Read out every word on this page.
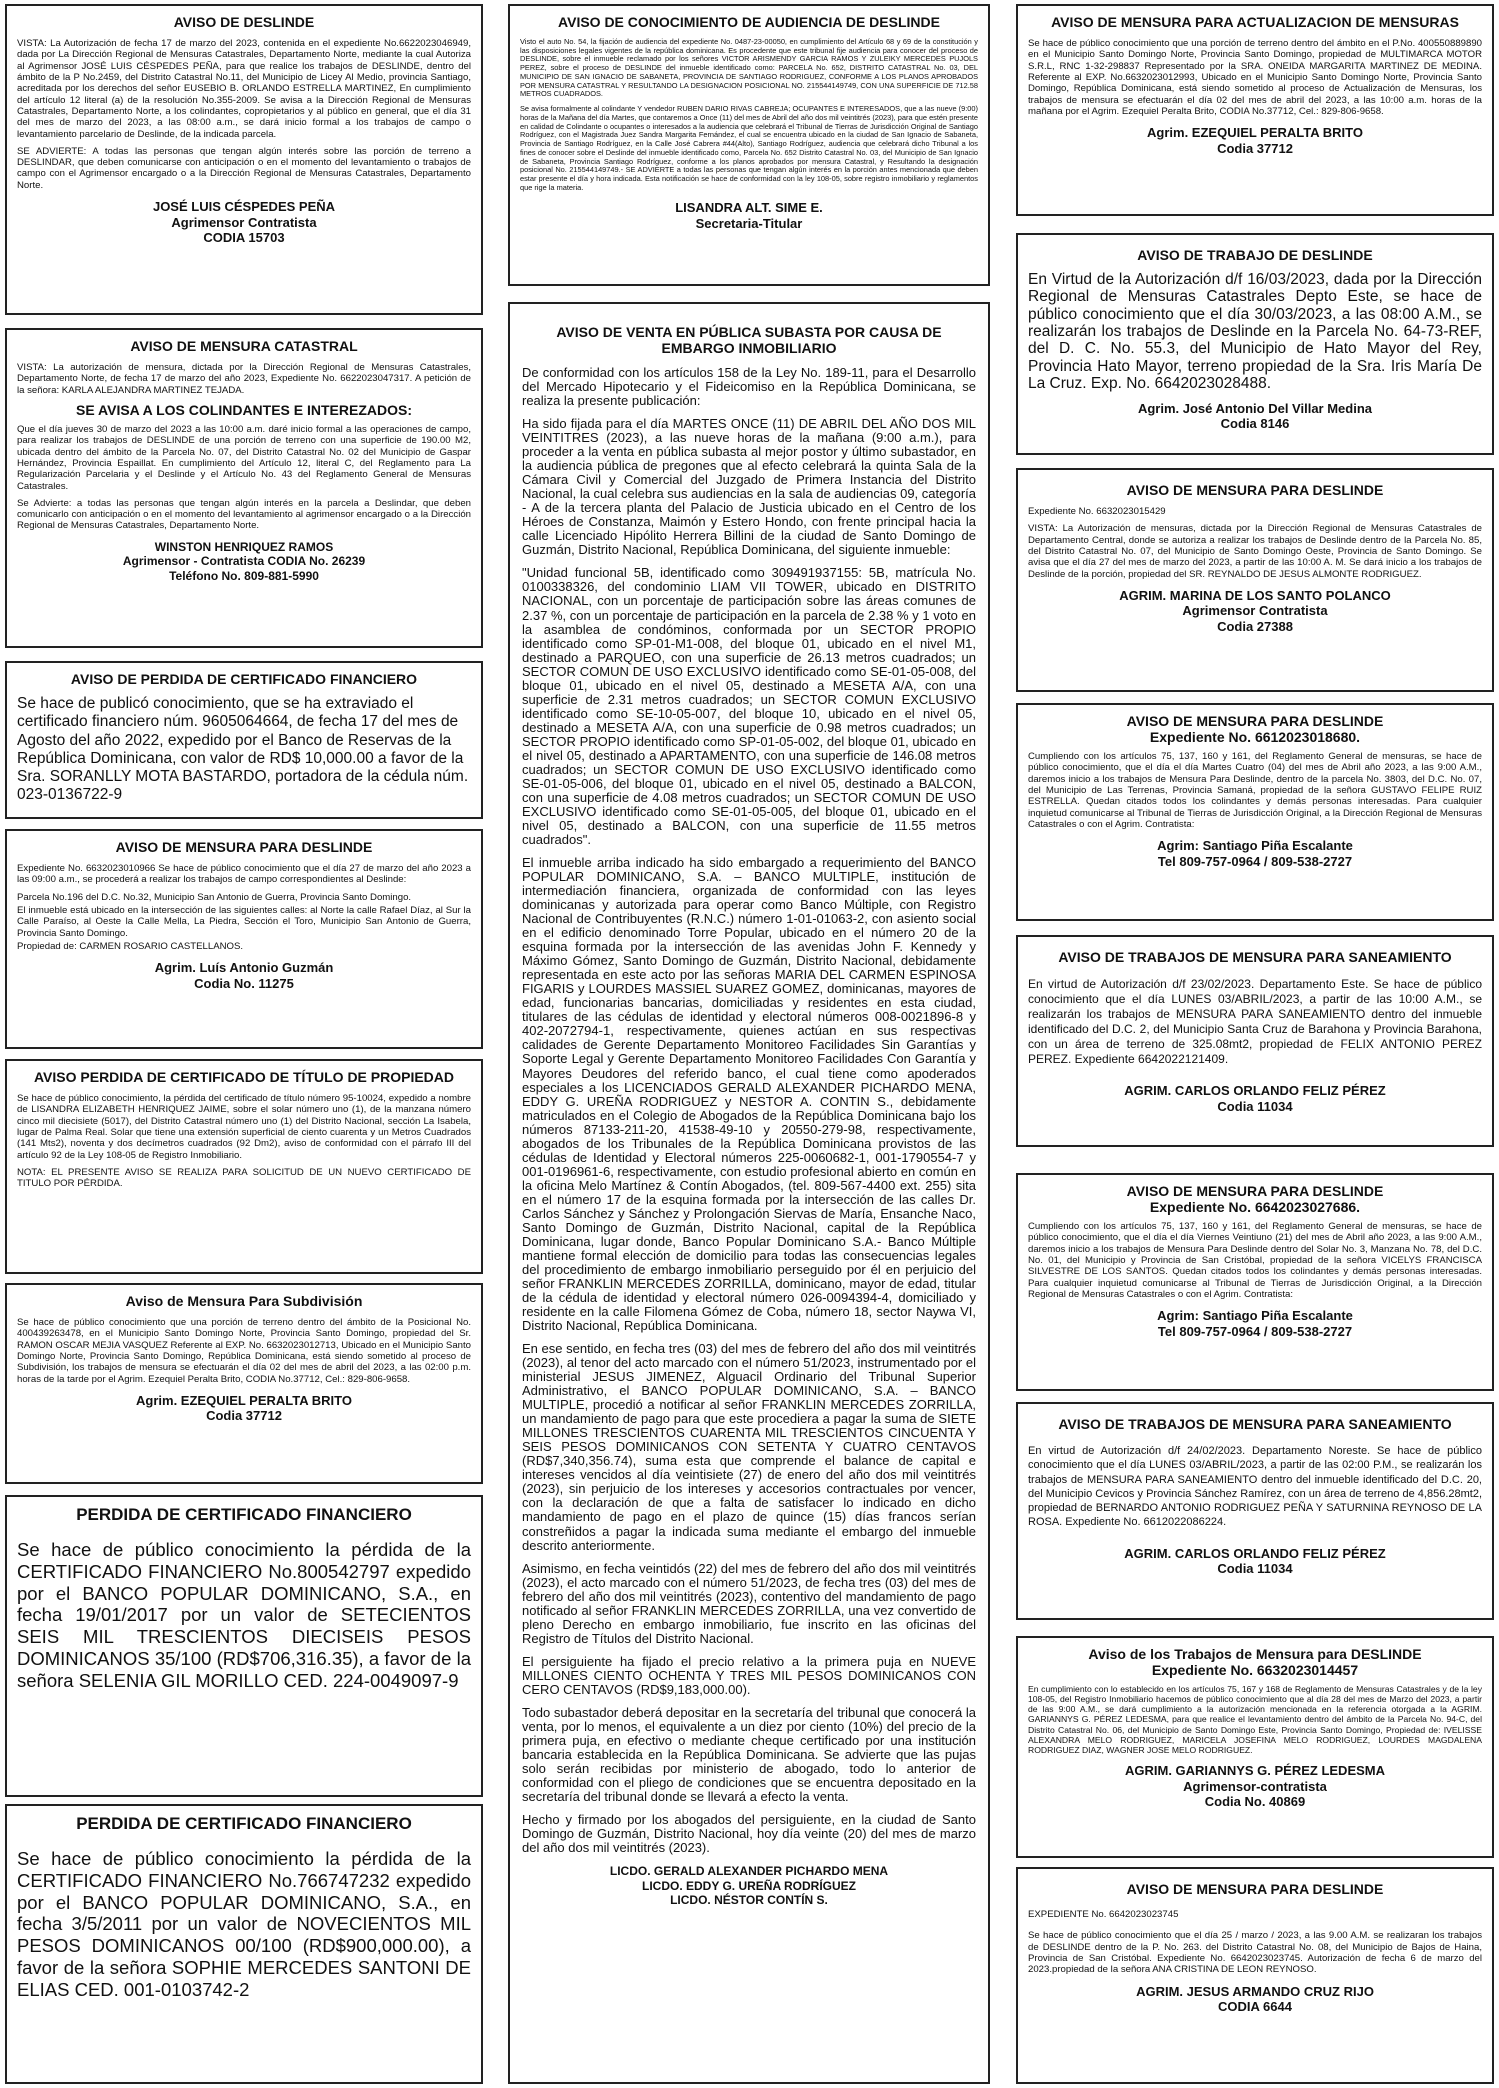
AVISO DE DESLINDE

VISTA: La Autorización de fecha 17 de marzo del 2023, contenida en el expediente No.6622023046949, dada por La Dirección Regional de Mensuras Catastrales, Departamento Norte, mediante la cual Autoriza al Agrimensor JOSÉ LUIS CÉSPEDES PEÑA, para que realice los trabajos de DESLINDE, dentro del ámbito de la P No.2459, del Distrito Catastral No.11, del Municipio de Licey Al Medio, provincia Santiago, acreditada por los derechos del señor EUSEBIO B. ORLANDO ESTRELLA MARTINEZ, En cumplimiento del artículo 12 literal (a) de la resolución No.355-2009. Se avisa a la Dirección Regional de Mensuras Catastrales, Departamento Norte, a los colindantes, copropietarios y al público en general, que el día 31 del mes de marzo del 2023, a las 08:00 a.m., se dará inicio formal a los trabajos de campo o levantamiento parcelario de Deslinde, de la indicada parcela.

SE ADVIERTE: A todas las personas que tengan algún interés sobre las porción de terreno a DESLINDAR, que deben comunicarse con anticipación o en el momento del levantamiento o trabajos de campo con el Agrimensor encargado o a la Dirección Regional de Mensuras Catastrales, Departamento Norte.

JOSÉ LUIS CÉSPEDES PEÑA
Agrimensor Contratista
CODIA 15703
AVISO DE MENSURA CATASTRAL

VISTA: La autorización de mensura, dictada por la Dirección Regional de Mensuras Catastrales, Departamento Norte, de fecha 17 de marzo del año 2023, Expediente No. 6622023047317. A petición de la señora: KARLA ALEJANDRA MARTINEZ TEJADA.

SE AVISA A LOS COLINDANTES E INTEREZADOS:

Que el día jueves 30 de marzo del 2023 a las 10:00 a.m. daré inicio formal a las operaciones de campo, para realizar los trabajos de DESLINDE de una porción de terreno con una superficie de 190.00 M2, ubicada dentro del ámbito de la Parcela No. 07, del Distrito Catastral No. 02 del Municipio de Gaspar Hernández, Provincia Espaillat. En cumplimiento del Artículo 12, literal C, del Reglamento para La Regularización Parcelaria y el Deslinde y el Artículo No. 43 del Reglamento General de Mensuras Catastrales.

Se Advierte: a todas las personas que tengan algún interés en la parcela a Deslindar, que deben comunicarlo con anticipación o en el momento del levantamiento al agrimensor encargado o a la Dirección Regional de Mensuras Catastrales, Departamento Norte.

WINSTON HENRIQUEZ RAMOS
Agrimensor - Contratista CODIA No. 26239
Teléfono No. 809-881-5990
AVISO DE PERDIDA DE CERTIFICADO FINANCIERO

Se hace de publicó conocimiento, que se ha extraviado el certificado financiero núm. 9605064664, de fecha 17 del mes de Agosto del año 2022, expedido por el Banco de Reservas de la República Dominicana, con valor de RD$ 10,000.00 a favor de la Sra. SORANLLY MOTA BASTARDO, portadora de la cédula núm. 023-0136722-9

AVISO DE MENSURA PARA DESLINDE

Expediente No. 6632023010966 Se hace de público conocimiento que el día 27 de marzo del año 2023 a las 09:00 a.m., se procederá a realizar los trabajos de campo correspondientes al Deslinde:

Parcela No.196 del D.C. No.32, Municipio San Antonio de Guerra, Provincia Santo Domingo.

El inmueble está ubicado en la intersección de las siguientes calles: al Norte la calle Rafael Díaz, al Sur la Calle Paraíso, al Oeste la Calle Mella, La Piedra, Sección el Toro, Municipio San Antonio de Guerra, Provincia Santo Domingo.

Propiedad de: CARMEN ROSARIO CASTELLANOS.

Agrim. Luís Antonio Guzmán
Codia No. 11275
AVISO PERDIDA DE CERTIFICADO DE TÍTULO DE PROPIEDAD

Se hace de público conocimiento, la pérdida del certificado de título número 95-10024, expedido a nombre de LISANDRA ELIZABETH HENRIQUEZ JAIME, sobre el solar número uno (1), de la manzana número cinco mil diecisiete (5017), del Distrito Catastral número uno (1) del Distrito Nacional, sección La Isabela, lugar de Palma Real. Solar que tiene una extensión superficial de ciento cuarenta y un Metros Cuadrados (141 Mts2), noventa y dos decímetros cuadrados (92 Dm2), aviso de conformidad con el párrafo III del artículo 92 de la Ley 108-05 de Registro Inmobiliario.

NOTA: EL PRESENTE AVISO SE REALIZA PARA SOLICITUD DE UN NUEVO CERTIFICADO DE TITULO POR PÉRDIDA.

Aviso de Mensura Para Subdivisión

Se hace de público conocimiento que una porción de terreno dentro del ámbito de la Posicional No. 400439263478, en el Municipio Santo Domingo Norte, Provincia Santo Domingo, propiedad del Sr. RAMON OSCAR MEJIA VASQUEZ Referente al EXP. No. 6632023012713, Ubicado en el Municipio Santo Domingo Norte, Provincia Santo Domingo, República Dominicana, está siendo sometido al proceso de Subdivisión, los trabajos de mensura se efectuarán el día 02 del mes de abril del 2023, a las 02:00 p.m. horas de la tarde por el Agrim. Ezequiel Peralta Brito, CODIA No.37712, Cel.: 829-806-9658.

Agrim. EZEQUIEL PERALTA BRITO
Codia 37712
PERDIDA DE CERTIFICADO FINANCIERO

Se hace de público conocimiento la pérdida de la CERTIFICADO FINANCIERO No.800542797 expedido por el BANCO POPULAR DOMINICANO, S.A., en fecha 19/01/2017 por un valor de SETECIENTOS SEIS MIL TRESCIENTOS DIECISEIS PESOS DOMINICANOS 35/100 (RD$706,316.35), a favor de la señora SELENIA GIL MORILLO CED. 224-0049097-9

PERDIDA DE CERTIFICADO FINANCIERO

Se hace de público conocimiento la pérdida de la CERTIFICADO FINANCIERO No.766747232 expedido por el BANCO POPULAR DOMINICANO, S.A., en fecha 3/5/2011 por un valor de NOVECIENTOS MIL PESOS DOMINICANOS 00/100 (RD$900,000.00), a favor de la señora SOPHIE MERCEDES SANTONI DE ELIAS CED. 001-0103742-2

AVISO DE CONOCIMIENTO DE AUDIENCIA DE DESLINDE

Visto el auto No. 54, la fijación de audiencia del expediente No. 0487-23-00050, en cumplimiento del Artículo 68 y 69 de la constitución y las disposiciones legales vigentes de la república dominicana. Es procedente que este tribunal fije audiencia para conocer del proceso de DESLINDE, sobre el inmueble reclamado por los señores VICTOR ARISMENDY GARCIA RAMOS Y ZULEIKY MERCEDES PUJOLS PEREZ, sobre el proceso de DESLINDE del inmueble identificado como: PARCELA No. 652, DISTRITO CATASTRAL No. 03, DEL MUNICIPIO DE SAN IGNACIO DE SABANETA, PROVINCIA DE SANTIAGO RODRIGUEZ, CONFORME A LOS PLANOS APROBADOS POR MENSURA CATASTRAL Y RESULTANDO LA DESIGNACION POSICIONAL NO. 215544149749, CON UNA SUPERFICIE DE 712.58 METROS CUADRADOS.

Se avisa formalmente al colindante Y vendedor RUBEN DARIO RIVAS CABREJA; OCUPANTES E INTERESADOS, que a las nueve (9:00) horas de la Mañana del día Martes, que contaremos a Once (11) del mes de Abril del año dos mil veintitrés (2023), para que estén presente en calidad de Colindante o ocupantes o interesados a la audiencia que celebrará el Tribunal de Tierras de Jurisdicción Original de Santiago Rodríguez, con el Magistrada Juez Sandra Margarita Fernández, el cual se encuentra ubicado en la ciudad de San Ignacio de Sabaneta, Provincia de Santiago Rodríguez, en la Calle José Cabrera #44(Alto), Santiago Rodríguez, audiencia que celebrará dicho Tribunal a los fines de conocer sobre el Deslinde del inmueble identificado como, Parcela No. 652 Distrito Catastral No. 03, del Municipio de San Ignacio de Sabaneta, Provincia Santiago Rodríguez, conforme a los planos aprobados por mensura Catastral, y Resultando la designación posicional No. 215544149749.- SE ADVIERTE a todas las personas que tengan algún interés en la porción antes mencionada que deben estar presente el día y hora indicada. Esta notificación se hace de conformidad con la ley 108-05, sobre registro inmobiliario y reglamentos que rige la materia.

LISANDRA ALT. SIME E.
Secretaria-Titular
AVISO DE VENTA EN PÚBLICA SUBASTA POR CAUSA DE EMBARGO INMOBILIARIO

De conformidad con los artículos 158 de la Ley No. 189-11, para el Desarrollo del Mercado Hipotecario y el Fideicomiso en la República Dominicana, se realiza la presente publicación:

Ha sido fijada para el día MARTES ONCE (11) DE ABRIL DEL AÑO DOS MIL VEINTITRES (2023), a las nueve horas de la mañana (9:00 a.m.), para proceder a la venta en pública subasta al mejor postor y último subastador, en la audiencia pública de pregones que al efecto celebrará la quinta Sala de la Cámara Civil y Comercial del Juzgado de Primera Instancia del Distrito Nacional, la cual celebra sus audiencias en la sala de audiencias 09, categoría - A de la tercera planta del Palacio de Justicia ubicado en el Centro de los Héroes de Constanza, Maimón y Estero Hondo, con frente principal hacia la calle Licenciado Hipólito Herrera Billini de la ciudad de Santo Domingo de Guzmán, Distrito Nacional, República Dominicana, del siguiente inmueble:

"Unidad funcional 5B, identificado como 309491937155: 5B, matrícula No. 0100338326, del condominio LIAM VII TOWER, ubicado en DISTRITO NACIONAL, con un porcentaje de participación sobre las áreas comunes de 2.37 %, con un porcentaje de participación en la parcela de 2.38 % y 1 voto en la asamblea de condóminos, conformada por un SECTOR PROPIO identificado como SP-01-M1-008, del bloque 01, ubicado en el nivel M1, destinado a PARQUEO, con una superficie de 26.13 metros cuadrados; un SECTOR COMUN DE USO EXCLUSIVO identificado como SE-01-05-008, del bloque 01, ubicado en el nivel 05, destinado a MESETA A/A, con una superficie de 2.31 metros cuadrados; un SECTOR COMUN EXCLUSIVO identificado como SE-10-05-007, del bloque 10, ubicado en el nivel 05, destinado a MESETA A/A, con una superficie de 0.98 metros cuadrados; un SECTOR PROPIO identificado como SP-01-05-002, del bloque 01, ubicado en el nivel 05, destinado a APARTAMENTO, con una superficie de 146.08 metros cuadrados; un SECTOR COMUN DE USO EXCLUSIVO identificado como SE-01-05-006, del bloque 01, ubicado en el nivel 05, destinado a BALCON, con una superficie de 4.08 metros cuadrados; un SECTOR COMUN DE USO EXCLUSIVO identificado como SE-01-05-005, del bloque 01, ubicado en el nivel 05, destinado a BALCON, con una superficie de 11.55 metros cuadrados".

El inmueble arriba indicado ha sido embargado a requerimiento del BANCO POPULAR DOMINICANO, S.A. – BANCO MULTIPLE, institución de intermediación financiera, organizada de conformidad con las leyes dominicanas y autorizada para operar como Banco Múltiple, con Registro Nacional de Contribuyentes (R.N.C.) número 1-01-01063-2, con asiento social en el edificio denominado Torre Popular, ubicado en el número 20 de la esquina formada por la intersección de las avenidas John F. Kennedy y Máximo Gómez, Santo Domingo de Guzmán, Distrito Nacional, debidamente representada en este acto por las señoras MARIA DEL CARMEN ESPINOSA FIGARIS y LOURDES MASSIEL SUAREZ GOMEZ, dominicanas, mayores de edad, funcionarias bancarias, domiciliadas y residentes en esta ciudad, titulares de las cédulas de identidad y electoral números 008-0021896-8 y 402-2072794-1, respectivamente, quienes actúan en sus respectivas calidades de Gerente Departamento Monitoreo Facilidades Sin Garantías y Soporte Legal y Gerente Departamento Monitoreo Facilidades Con Garantía y Mayores Deudores del referido banco, el cual tiene como apoderados especiales a los LICENCIADOS GERALD ALEXANDER PICHARDO MENA, EDDY G. UREÑA RODRIGUEZ y NESTOR A. CONTIN S., debidamente matriculados en el Colegio de Abogados de la República Dominicana bajo los números 87133-211-20, 41538-49-10 y 20550-279-98, respectivamente, abogados de los Tribunales de la República Dominicana provistos de las cédulas de Identidad y Electoral números 225-0060682-1, 001-1790554-7 y 001-0196961-6, respectivamente, con estudio profesional abierto en común en la oficina Melo Martínez & Contín Abogados, (tel. 809-567-4400 ext. 255) sita en el número 17 de la esquina formada por la intersección de las calles Dr. Carlos Sánchez y Sánchez y Prolongación Siervas de María, Ensanche Naco, Santo Domingo de Guzmán, Distrito Nacional, capital de la República Dominicana, lugar donde, Banco Popular Dominicano S.A.- Banco Múltiple mantiene formal elección de domicilio para todas las consecuencias legales del procedimiento de embargo inmobiliario perseguido por él en perjuicio del señor FRANKLIN MERCEDES ZORRILLA, dominicano, mayor de edad, titular de la cédula de identidad y electoral número 026-0094394-4, domiciliado y residente en la calle Filomena Gómez de Coba, número 18, sector Naywa VI, Distrito Nacional, República Dominicana.

En ese sentido, en fecha tres (03) del mes de febrero del año dos mil veintitrés (2023), al tenor del acto marcado con el número 51/2023, instrumentado por el ministerial JESUS JIMENEZ, Alguacil Ordinario del Tribunal Superior Administrativo, el BANCO POPULAR DOMINICANO, S.A. – BANCO MULTIPLE, procedió a notificar al señor FRANKLIN MERCEDES ZORRILLA, un mandamiento de pago para que este procediera a pagar la suma de SIETE MILLONES TRESCIENTOS CUARENTA MIL TRESCIENTOS CINCUENTA Y SEIS PESOS DOMINICANOS CON SETENTA Y CUATRO CENTAVOS (RD$7,340,356.74), suma esta que comprende el balance de capital e intereses vencidos al día veintisiete (27) de enero del año dos mil veintitrés (2023), sin perjuicio de los intereses y accesorios contractuales por vencer, con la declaración de que a falta de satisfacer lo indicado en dicho mandamiento de pago en el plazo de quince (15) días francos serían constreñidos a pagar la indicada suma mediante el embargo del inmueble descrito anteriormente.

Asimismo, en fecha veintidós (22) del mes de febrero del año dos mil veintitrés (2023), el acto marcado con el número 51/2023, de fecha tres (03) del mes de febrero del año dos mil veintitrés (2023), contentivo del mandamiento de pago notificado al señor FRANKLIN MERCEDES ZORRILLA, una vez convertido de pleno Derecho en embargo inmobiliario, fue inscrito en las oficinas del Registro de Títulos del Distrito Nacional.

El persiguiente ha fijado el precio relativo a la primera puja en NUEVE MILLONES CIENTO OCHENTA Y TRES MIL PESOS DOMINICANOS CON CERO CENTAVOS (RD$9,183,000.00).

Todo subastador deberá depositar en la secretaría del tribunal que conocerá la venta, por lo menos, el equivalente a un diez por ciento (10%) del precio de la primera puja, en efectivo o mediante cheque certificado por una institución bancaria establecida en la República Dominicana. Se advierte que las pujas solo serán recibidas por ministerio de abogado, todo lo anterior de conformidad con el pliego de condiciones que se encuentra depositado en la secretaría del tribunal donde se llevará a efecto la venta.

Hecho y firmado por los abogados del persiguiente, en la ciudad de Santo Domingo de Guzmán, Distrito Nacional, hoy día veinte (20) del mes de marzo del año dos mil veintitrés (2023).

LICDO. GERALD ALEXANDER PICHARDO MENA
LICDO. EDDY G. UREÑA RODRÍGUEZ
LICDO. NÉSTOR CONTÍN S.
AVISO DE MENSURA PARA ACTUALIZACION DE MENSURAS

Se hace de público conocimiento que una porción de terreno dentro del ámbito en el P.No. 400550889890 en el Municipio Santo Domingo Norte, Provincia Santo Domingo, propiedad de MULTIMARCA MOTOR S.R.L, RNC 1-32-298837 Representado por la SRA. ONEIDA MARGARITA MARTINEZ DE MEDINA. Referente al EXP. No.6632023012993, Ubicado en el Municipio Santo Domingo Norte, Provincia Santo Domingo, República Dominicana, está siendo sometido al proceso de Actualización de Mensuras, los trabajos de mensura se efectuarán el día 02 del mes de abril del 2023, a las 10:00 a.m. horas de la mañana por el Agrim. Ezequiel Peralta Brito, CODIA No.37712, Cel.: 829-806-9658.

Agrim. EZEQUIEL PERALTA BRITO
Codia 37712
AVISO DE TRABAJO DE DESLINDE

En Virtud de la Autorización d/f 16/03/2023, dada por la Dirección Regional de Mensuras Catastrales Depto Este, se hace de público conocimiento que el día 30/03/2023, a las 08:00 A.M., se realizarán los trabajos de Deslinde en la Parcela No. 64-73-REF, del D. C. No. 55.3, del Municipio de Hato Mayor del Rey, Provincia Hato Mayor, terreno propiedad de la Sra. Iris María De La Cruz. Exp. No. 6642023028488.

Agrim. José Antonio Del Villar Medina
Codia 8146
AVISO DE MENSURA PARA DESLINDE

Expediente No. 6632023015429

VISTA: La Autorización de mensuras, dictada por la Dirección Regional de Mensuras Catastrales de Departamento Central, donde se autoriza a realizar los trabajos de Deslinde dentro de la Parcela No. 85, del Distrito Catastral No. 07, del Municipio de Santo Domingo Oeste, Provincia de Santo Domingo. Se avisa que el día 27 del mes de marzo del 2023, a partir de las 10:00 A. M. Se dará inicio a los trabajos de Deslinde de la porción, propiedad del SR. REYNALDO DE JESUS ALMONTE RODRIGUEZ.

AGRIM. MARINA DE LOS SANTO POLANCO
Agrimensor Contratista
Codia 27388
AVISO DE MENSURA PARA DESLINDE
Expediente No. 6612023018680.

Cumpliendo con los artículos 75, 137, 160 y 161, del Reglamento General de mensuras, se hace de público conocimiento, que el día el día Martes Cuatro (04) del mes de Abril año 2023, a las 9:00 A.M., daremos inicio a los trabajos de Mensura Para Deslinde, dentro de la parcela No. 3803, del D.C. No. 07, del Municipio de Las Terrenas, Provincia Samaná, propiedad de la señora GUSTAVO FELIPE RUIZ ESTRELLA. Quedan citados todos los colindantes y demás personas interesadas. Para cualquier inquietud comunicarse al Tribunal de Tierras de Jurisdicción Original, a la Dirección Regional de Mensuras Catastrales o con el Agrim. Contratista:

Agrim: Santiago Piña Escalante
Tel 809-757-0964 / 809-538-2727
AVISO DE TRABAJOS DE MENSURA PARA SANEAMIENTO

En virtud de Autorización d/f 23/02/2023. Departamento Este. Se hace de público conocimiento que el día LUNES 03/ABRIL/2023, a partir de las 10:00 A.M., se realizarán los trabajos de MENSURA PARA SANEAMIENTO dentro del inmueble identificado del D.C. 2, del Municipio Santa Cruz de Barahona y Provincia Barahona, con un área de terreno de 325.08mt2, propiedad de FELIX ANTONIO PEREZ PEREZ. Expediente 6642022121409.

AGRIM. CARLOS ORLANDO FELIZ PÉREZ
Codia 11034
AVISO DE MENSURA PARA DESLINDE
Expediente No. 6642023027686.

Cumpliendo con los artículos 75, 137, 160 y 161, del Reglamento General de mensuras, se hace de público conocimiento, que el día el día Viernes Veintiuno (21) del mes de Abril año 2023, a las 9:00 A.M., daremos inicio a los trabajos de Mensura Para Deslinde dentro del Solar No. 3, Manzana No. 78, del D.C. No. 01, del Municipio y Provincia de San Cristóbal, propiedad de la señora VICELYS FRANCISCA SILVESTRE DE LOS SANTOS. Quedan citados todos los colindantes y demás personas interesadas. Para cualquier inquietud comunicarse al Tribunal de Tierras de Jurisdicción Original, a la Dirección Regional de Mensuras Catastrales o con el Agrim. Contratista:

Agrim: Santiago Piña Escalante
Tel 809-757-0964 / 809-538-2727
AVISO DE TRABAJOS DE MENSURA PARA SANEAMIENTO

En virtud de Autorización d/f 24/02/2023. Departamento Noreste. Se hace de público conocimiento que el día LUNES 03/ABRIL/2023, a partir de las 02:00 P.M., se realizarán los trabajos de MENSURA PARA SANEAMIENTO dentro del inmueble identificado del D.C. 20, del Municipio Cevicos y Provincia Sánchez Ramírez, con un área de terreno de 4,856.28mt2, propiedad de BERNARDO ANTONIO RODRIGUEZ PEÑA Y SATURNINA REYNOSO DE LA ROSA. Expediente No. 6612022086224.

AGRIM. CARLOS ORLANDO FELIZ PÉREZ
Codia 11034
Aviso de los Trabajos de Mensura para DESLINDE
Expediente No. 6632023014457

En cumplimiento con lo establecido en los artículos 75, 167 y 168 de Reglamento de Mensuras Catastrales y de la ley 108-05, del Registro Inmobiliario hacemos de público conocimiento que al día 28 del mes de Marzo del 2023, a partir de las 9:00 A.M., se dará cumplimiento a la autorización mencionada en la referencia otorgada a la AGRIM. GARIANNYS G. PÉREZ LEDESMA, para que realice el levantamiento dentro del ámbito de la Parcela No. 94-C, del Distrito Catastral No. 06, del Municipio de Santo Domingo Este, Provincia Santo Domingo, Propiedad de: IVELISSE ALEXANDRA MELO RODRIGUEZ, MARICELA JOSEFINA MELO RODRIGUEZ, LOURDES MAGDALENA RODRIGUEZ DIAZ, WAGNER JOSE MELO RODRIGUEZ.

AGRIM. GARIANNYS G. PÉREZ LEDESMA
Agrimensor-contratista
Codia No. 40869
AVISO DE MENSURA PARA DESLINDE

EXPEDIENTE No. 6642023023745

Se hace de público conocimiento que el día 25 / marzo / 2023, a las 9.00 A.M. se realizaran los trabajos de DESLINDE dentro de la P. No. 263. del Distrito Catastral No. 08, del Municipio de Bajos de Haina, Provincia de San Cristóbal. Expediente No. 6642023023745. Autorización de fecha 6 de marzo del 2023.propiedad de la señora ANA CRISTINA DE LEON REYNOSO.

AGRIM. JESUS ARMANDO CRUZ RIJO
CODIA 6644
